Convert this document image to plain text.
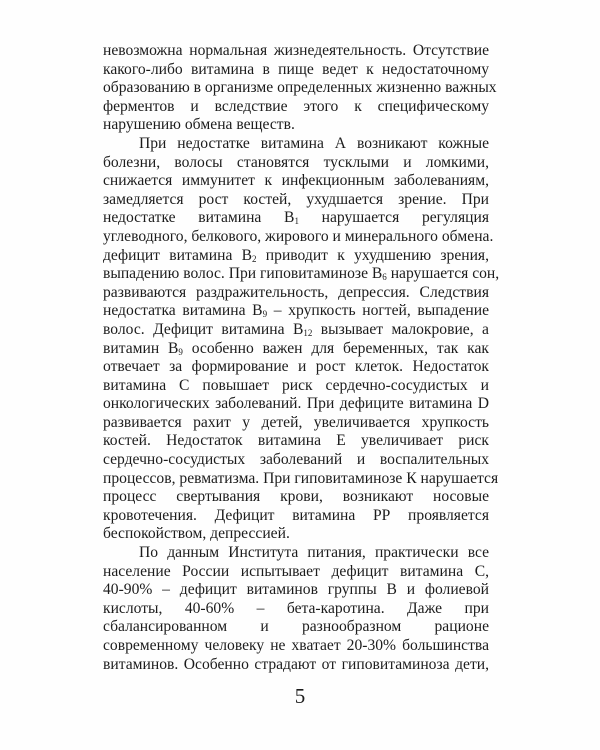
невозможна нормальная жизнедеятельность. Отсутствие
какого-либо витамина в пище ведет к недостаточному
образованию в организме определенных жизненно важных
ферментов и вследствие этого к специфическому
нарушению обмена веществ.
При недостатке витамина А возникают кожные
болезни, волосы становятся тусклыми и ломкими,
снижается иммунитет к инфекционным заболеваниям,
замедляется рост костей, ухудшается зрение. При
недостатке витамина $B_1$ нарушается регуляция
углеводного, белкового, жирового и минерального обмена.
дефицит витамина $B_2$ приводит к ухудшению зрения,
выпадению волос. При гиповитаминозе $B_6$ нарушается сон,
развиваются раздражительность, депрессия. Следствия
недостатка витамина $B_9$ – хрупкость ногтей, выпадение
волос. Дефицит витамина $B_{12}$ вызывает малокровие, а
витамин $B_9$ особенно важен для беременных, так как
отвечает за формирование и рост клеток. Недостаток
витамина С повышает риск сердечно-сосудистых и
онкологических заболеваний. При дефиците витамина D
развивается рахит у детей, увеличивается хрупкость
костей. Недостаток витамина Е увеличивает риск
сердечно-сосудистых заболеваний и воспалительных
процессов, ревматизма. При гиповитаминозе К нарушается
процесс свертывания крови, возникают носовые
кровотечения. Дефицит витамина РР проявляется
беспокойством, депрессией.
По данным Института питания, практически все
население России испытывает дефицит витамина С,
40-90% – дефицит витаминов группы В и фолиевой
кислоты, 40-60% – бета-каротина. Даже при
сбалансированном и разнообразном рационе
современному человеку не хватает 20-30% большинства
витаминов. Особенно страдают от гиповитаминоза дети,
5
